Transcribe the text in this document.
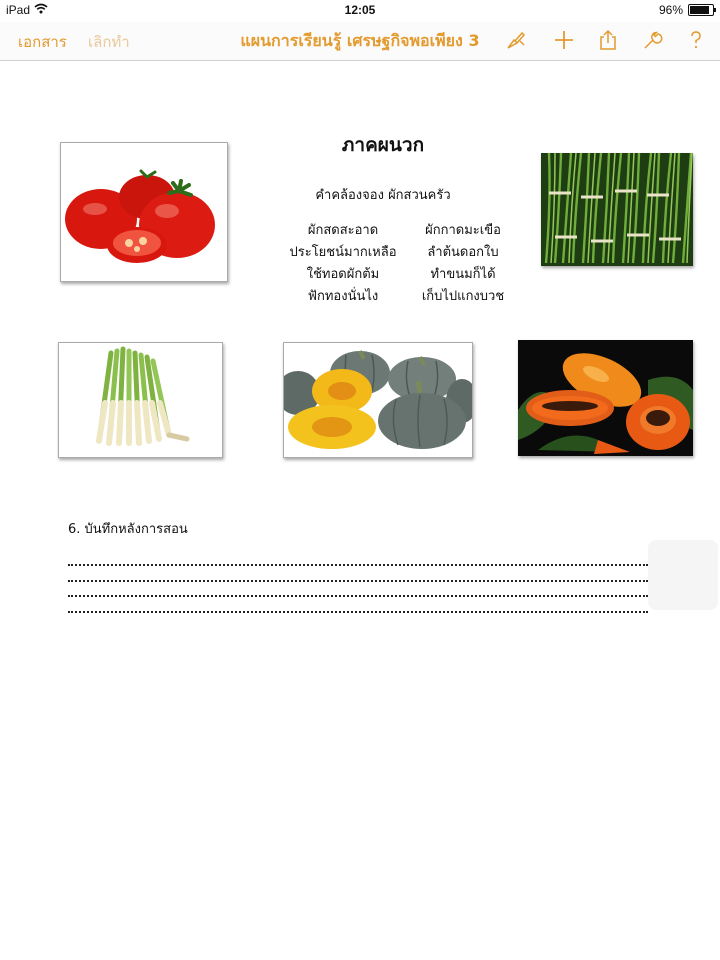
iPad	12:05	96%
เอกสาร เลิกทำ	แผนการเรียนรู้ เศรษฐกิจพอเพียง 3
ภาคผนวก
คำคล้องจอง ผักสวนครัว
ผักสดสะอาด	ผักกาดมะเขือ
ประโยชน์มากเหลือ	ลำต้นดอกใบ
ใช้ทอดผักต้ม	ทำขนมก็ได้
ฟักทองนั่นไง	เก็บไปแกงบวช
6. บันทึกหลังการสอน
